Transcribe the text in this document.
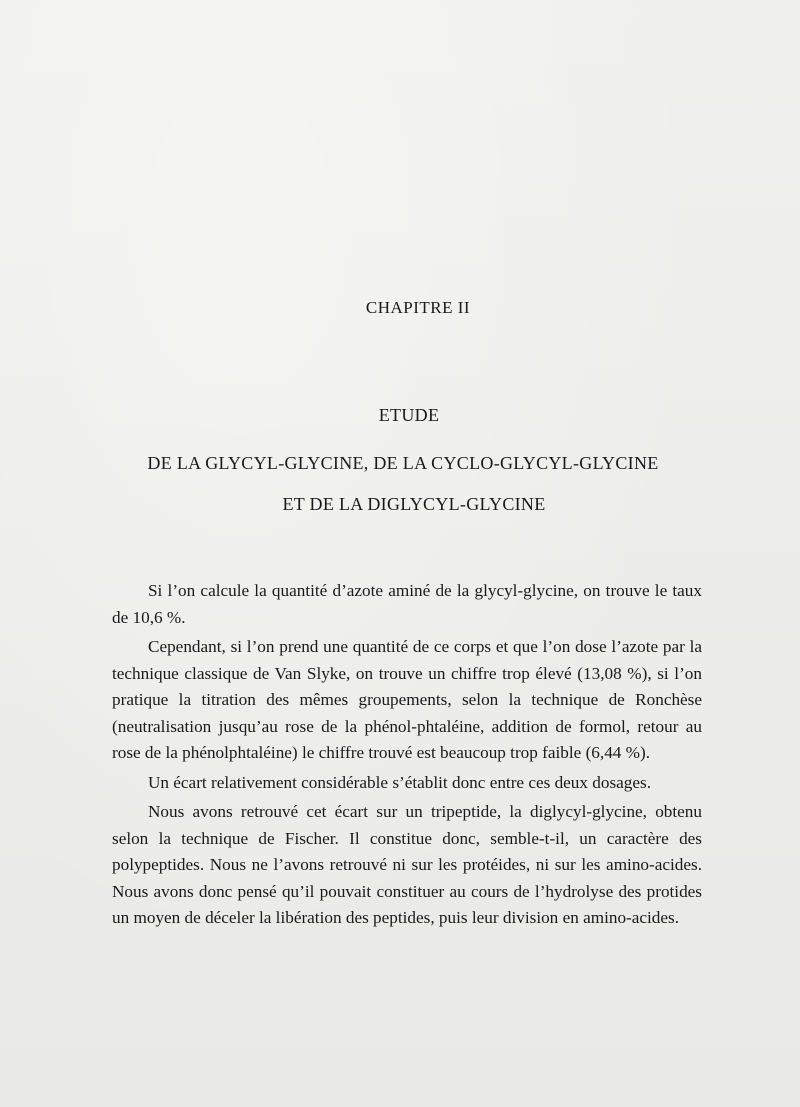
CHAPITRE II
ETUDE
DE LA GLYCYL-GLYCINE, DE LA CYCLO-GLYCYL-GLYCINE
ET DE LA DIGLYCYL-GLYCINE

Si l’on calcule la quantité d’azote aminé de la glycyl-glycine, on trouve le taux de 10,6 %.

Cependant, si l’on prend une quantité de ce corps et que l’on dose l’azote par la technique classique de Van Slyke, on trouve un chiffre trop élevé (13,08 %), si l’on pratique la titration des mêmes groupements, selon la technique de Ronchèse (neutralisation jusqu’au rose de la phénol-phtaléine, addition de formol, retour au rose de la phénolphtaléine) le chiffre trouvé est beaucoup trop faible (6,44 %).

Un écart relativement considérable s’établit donc entre ces deux dosages.

Nous avons retrouvé cet écart sur un tripeptide, la diglycyl-glycine, obtenu selon la technique de Fischer. Il constitue donc, semble-t-il, un caractère des polypeptides. Nous ne l’avons retrouvé ni sur les protéides, ni sur les amino-acides. Nous avons donc pensé qu’il pouvait constituer au cours de l’hydrolyse des protides un moyen de déceler la libération des peptides, puis leur division en amino-acides.
